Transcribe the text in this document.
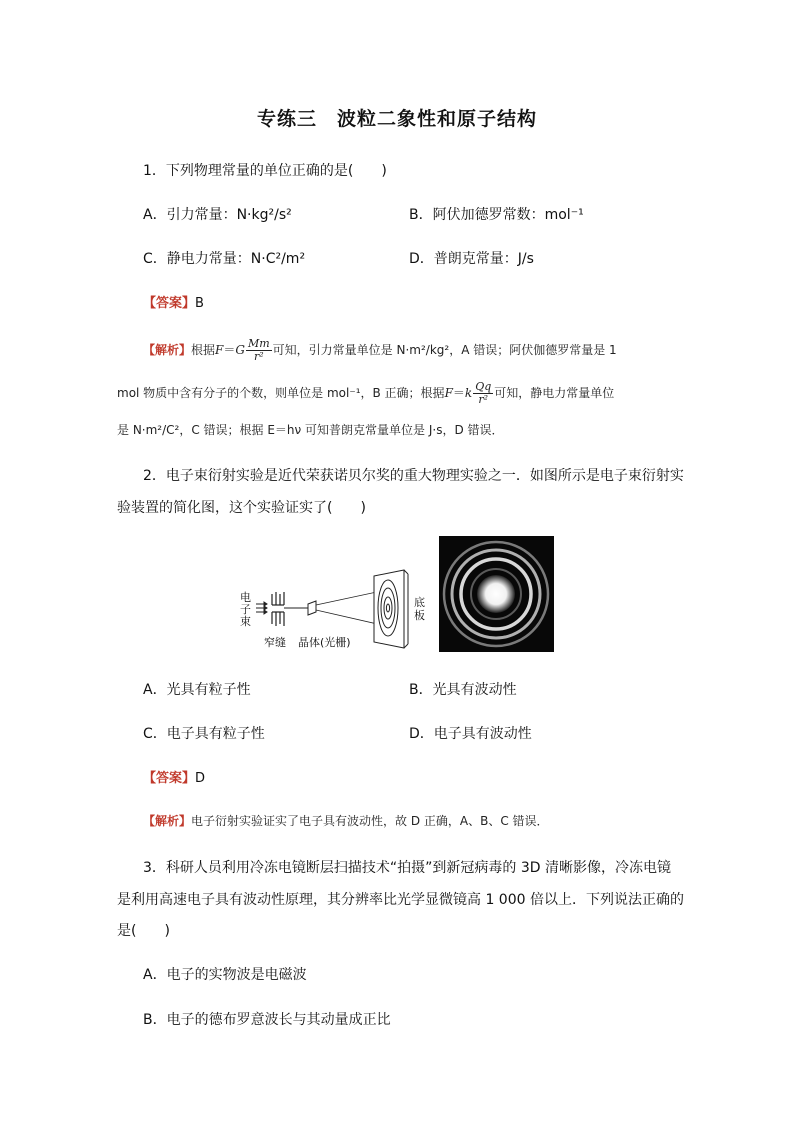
专练三　波粒二象性和原子结构
1．下列物理常量的单位正确的是(　　)
A．引力常量：N·kg²/s²	B．阿伏加德罗常数：mol⁻¹
C．静电力常量：N·C²/m²	D．普朗克常量：J/s
【答案】B
【解析】根据$F=G \frac{Mm}{\text{r²}}$ 可知，引力常量单位是 N·m²/kg²，A 错误；阿伏伽德罗常量是 1
mol 物质中含有分子的个数，则单位是 mol⁻¹，B 正确；根据$F=k \frac{Qq}{\text{r²}}$ 可知，静电力常量单位
是 N·m²/C²，C 错误；根据 E＝hν 可知普朗克常量单位是 J·s，D 错误．
2．电子束衍射实验是近代荣获诺贝尔奖的重大物理实验之一．如图所示是电子束衍射实
验装置的简化图，这个实验证实了(　　)
电
子
束
窄缝 晶体(光栅)
底
板
A．光具有粒子性	B．光具有波动性
C．电子具有粒子性	D．电子具有波动性
【答案】D
【解析】电子衍射实验证实了电子具有波动性，故 D 正确，A、B、C 错误．
3．科研人员利用冷冻电镜断层扫描技术“拍摄”到新冠病毒的 3D 清晰影像，冷冻电镜
是利用高速电子具有波动性原理，其分辨率比光学显微镜高 1 000 倍以上．下列说法正确的
是(　　)
A．电子的实物波是电磁波
B．电子的德布罗意波长与其动量成正比
